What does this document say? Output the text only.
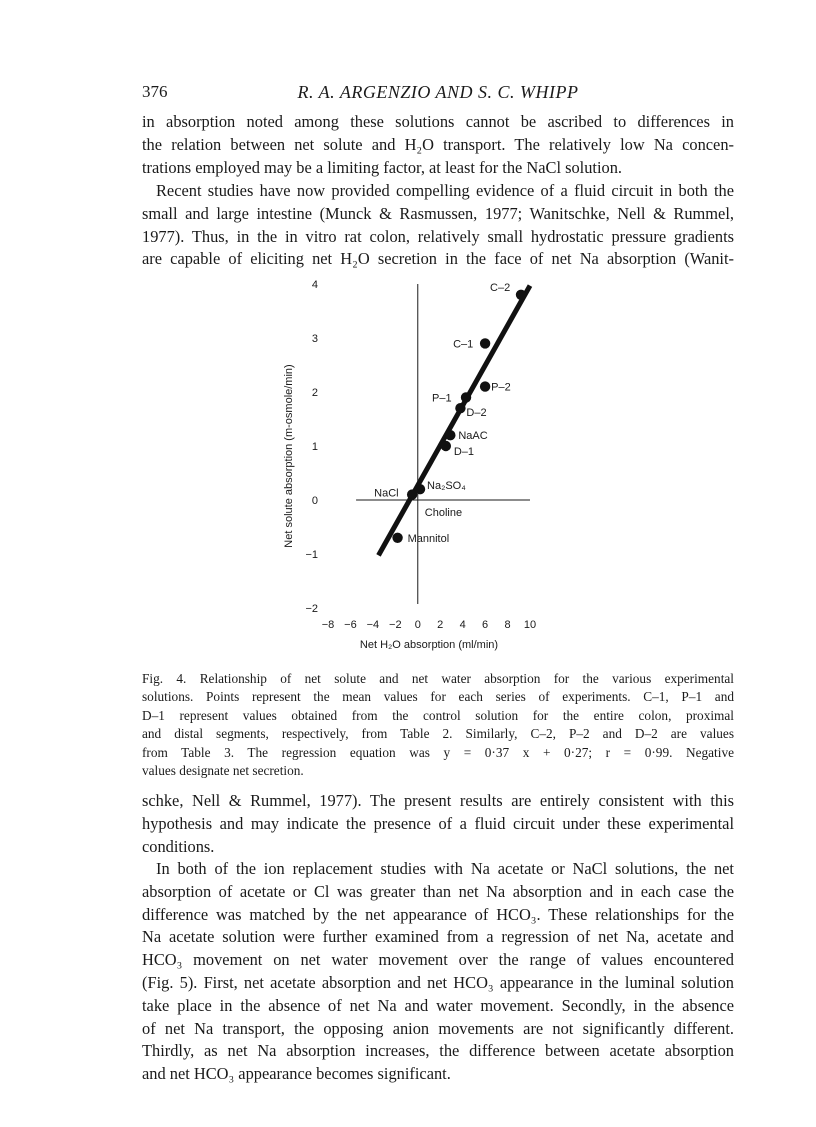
376	R. A. ARGENZIO AND S. C. WHIPP

in absorption noted among these solutions cannot be ascribed to differences in
the relation between net solute and H₂O transport. The relatively low Na concen-
trations employed may be a limiting factor, at least for the NaCl solution.

Recent studies have now provided compelling evidence of a fluid circuit in both the
small and large intestine (Munck & Rasmussen, 1977; Wanitschke, Nell & Rummel,
1977). Thus, in the in vitro rat colon, relatively small hydrostatic pressure gradients
are capable of eliciting net H₂O secretion in the face of net Na absorption (Wanit-

4
3
2
1
0
−1
−2
−8 −6 −4 −2 0 2 4 6 8 10
Net H₂O absorption (ml/min)
Net solute absorption (m-osmole/min)
C–2
C–1
P–2
P–1
D–2
NaAC
D–1
NaCl
Na₂SO₄
Choline
Mannitol
Fig. 4. Relationship of net solute and net water absorption for the various experimental
solutions. Points represent the mean values for each series of experiments. C–1, P–1 and
D–1 represent values obtained from the control solution for the entire colon, proximal
and distal segments, respectively, from Table 2. Similarly, C–2, P–2 and D–2 are values
from Table 3. The regression equation was y = 0·37 x + 0·27; r = 0·99. Negative
values designate net secretion.

schke, Nell & Rummel, 1977). The present results are entirely consistent with this
hypothesis and may indicate the presence of a fluid circuit under these experimental
conditions.

In both of the ion replacement studies with Na acetate or NaCl solutions, the net
absorption of acetate or Cl was greater than net Na absorption and in each case the
difference was matched by the net appearance of HCO₃. These relationships for the
Na acetate solution were further examined from a regression of net Na, acetate and
HCO₃ movement on net water movement over the range of values encountered
(Fig. 5). First, net acetate absorption and net HCO₃ appearance in the luminal solution
take place in the absence of net Na and water movement. Secondly, in the absence
of net Na transport, the opposing anion movements are not significantly different.
Thirdly, as net Na absorption increases, the difference between acetate absorption
and net HCO₃ appearance becomes significant.
